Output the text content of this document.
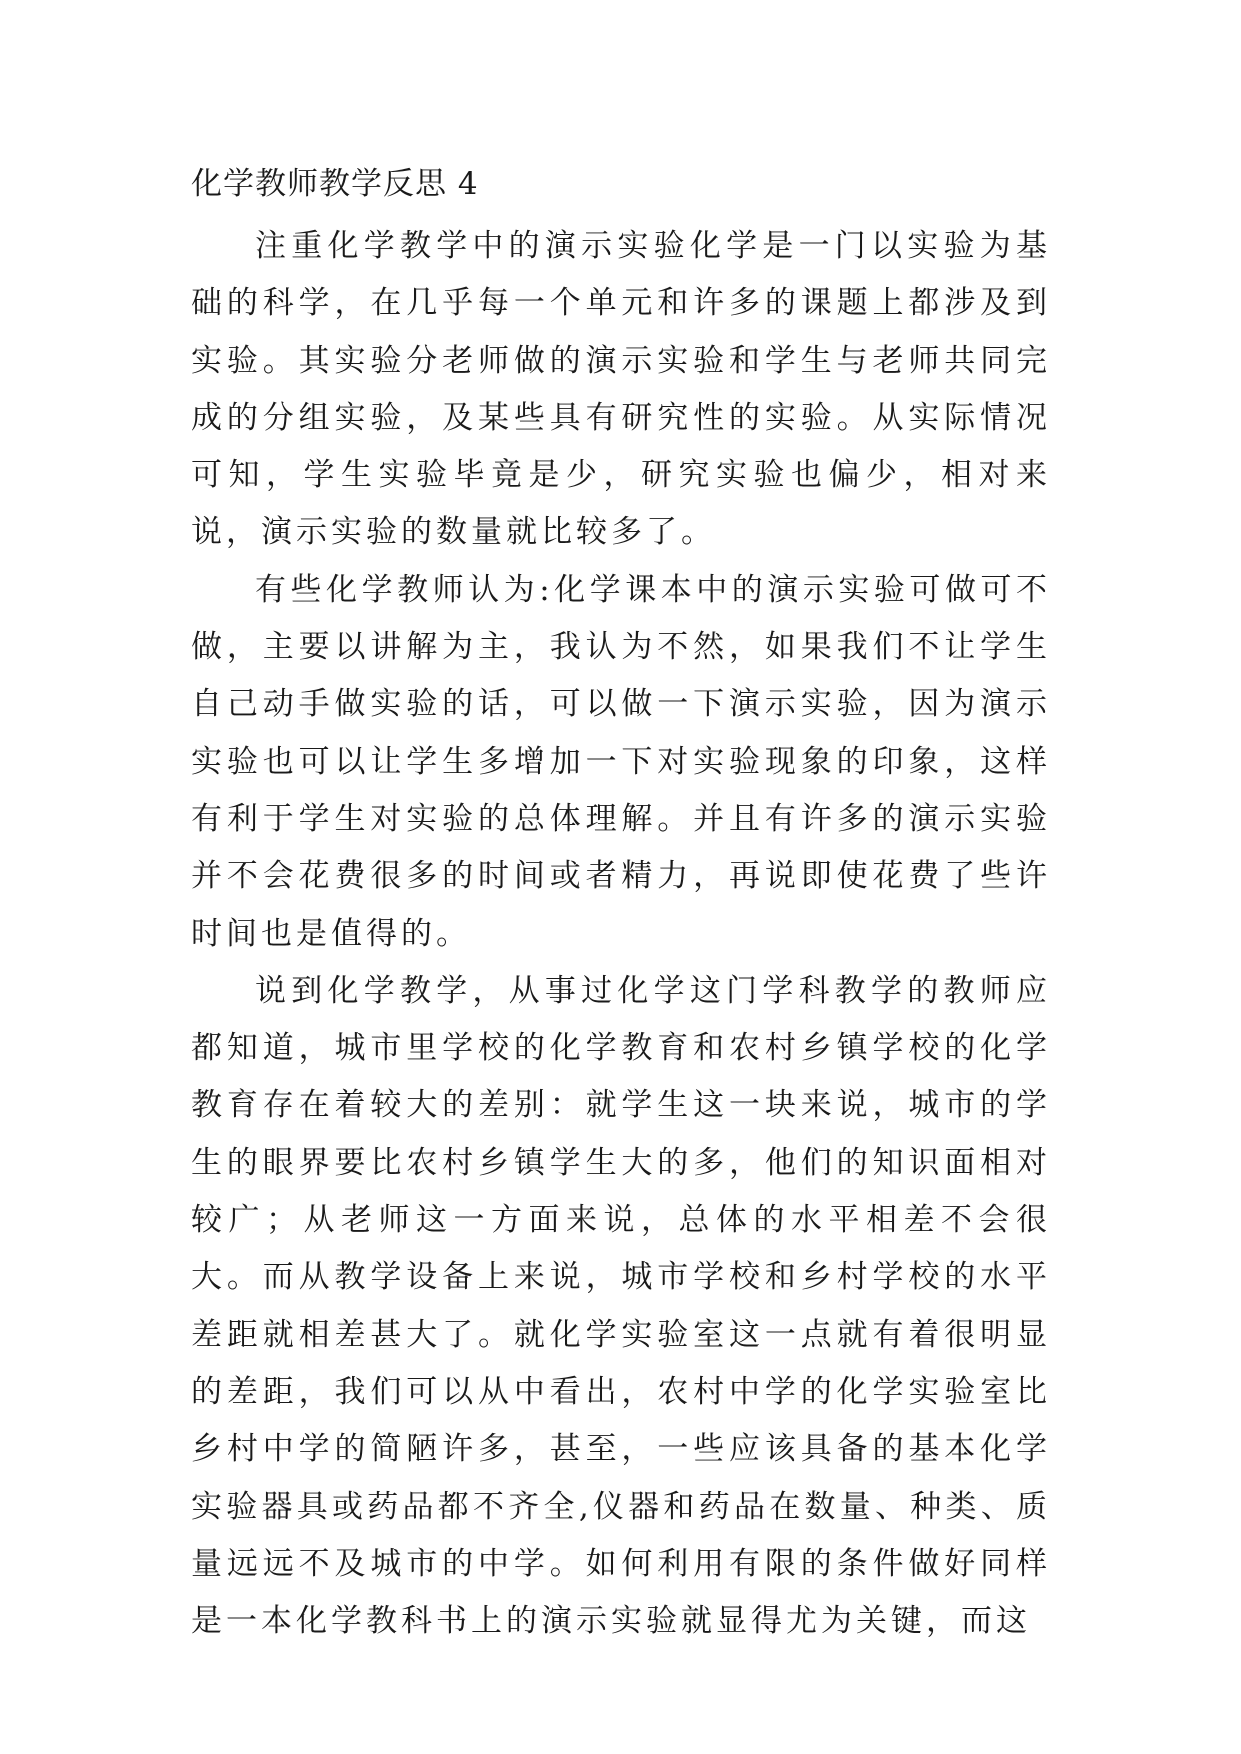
化学教师教学反思 4

注重化学教学中的演示实验化学是一门以实验为基础的科学，在几乎每一个单元和许多的课题上都涉及到实验。其实验分老师做的演示实验和学生与老师共同完成的分组实验，及某些具有研究性的实验。从实际情况可知，学生实验毕竟是少，研究实验也偏少，相对来说，演示实验的数量就比较多了。

有些化学教师认为:化学课本中的演示实验可做可不做，主要以讲解为主，我认为不然，如果我们不让学生自己动手做实验的话，可以做一下演示实验，因为演示实验也可以让学生多增加一下对实验现象的印象，这样有利于学生对实验的总体理解。并且有许多的演示实验并不会花费很多的时间或者精力，再说即使花费了些许时间也是值得的。

说到化学教学，从事过化学这门学科教学的教师应都知道，城市里学校的化学教育和农村乡镇学校的化学教育存在着较大的差别：就学生这一块来说，城市的学生的眼界要比农村乡镇学生大的多，他们的知识面相对较广；从老师这一方面来说，总体的水平相差不会很大。而从教学设备上来说，城市学校和乡村学校的水平差距就相差甚大了。就化学实验室这一点就有着很明显的差距，我们可以从中看出，农村中学的化学实验室比乡村中学的简陋许多，甚至，一些应该具备的基本化学实验器具或药品都不齐全,仪器和药品在数量、种类、质量远远不及城市的中学。如何利用有限的条件做好同样是一本化学教科书上的演示实验就显得尤为关键，而这
